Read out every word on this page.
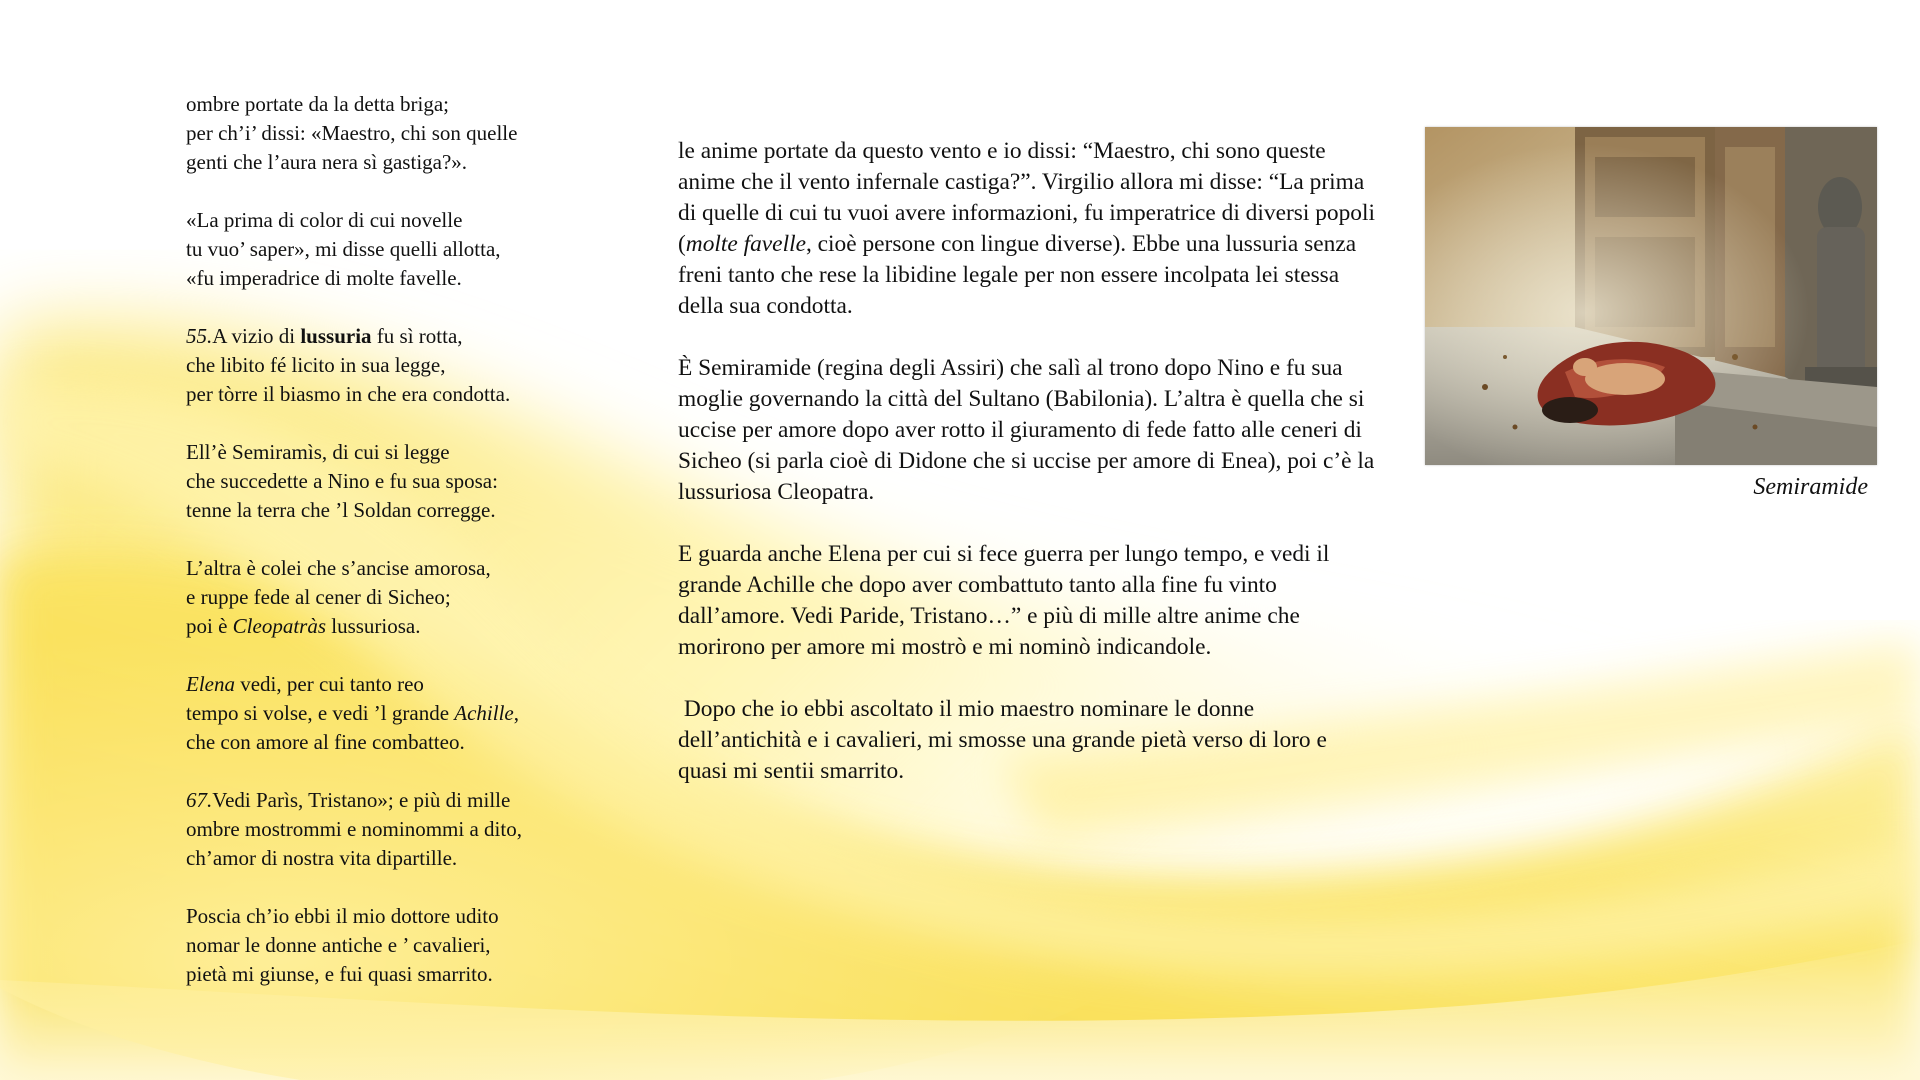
ombre portate da la detta briga;
per ch’i’ dissi: «Maestro, chi son quelle
genti che l’aura nera sì gastiga?».
«La prima di color di cui novelle
tu vuo’ saper», mi disse quelli allotta,
«fu imperadrice di molte favelle.
55.A vizio di lussuria fu sì rotta,
che libito fé licito in sua legge,
per tòrre il biasmo in che era condotta.
Ell’è Semiramìs, di cui si legge
che succedette a Nino e fu sua sposa:
tenne la terra che ’l Soldan corregge.
L’altra è colei che s’ancise amorosa,
e ruppe fede al cener di Sicheo;
poi è Cleopatràs lussuriosa.
Elena vedi, per cui tanto reo
tempo si volse, e vedi ’l grande Achille,
che con amore al fine combatteo.
67.Vedi Parìs, Tristano»; e più di mille
ombre mostrommi e nominommi a dito,
ch’amor di nostra vita dipartille.
Poscia ch’io ebbi il mio dottore udito
nomar le donne antiche e ’ cavalieri,
pietà mi giunse, e fui quasi smarrito.

le anime portate da questo vento e io dissi: “Maestro, chi sono queste anime che il vento infernale castiga?”. Virgilio allora mi disse: “La prima di quelle di cui tu vuoi avere informazioni, fu imperatrice di diversi popoli (molte favelle, cioè persone con lingue diverse). Ebbe una lussuria senza freni tanto che rese la libidine legale per non essere incolpata lei stessa della sua condotta.

È Semiramide (regina degli Assiri) che salì al trono dopo Nino e fu sua moglie governando la città del Sultano (Babilonia). L’altra è quella che si uccise per amore dopo aver rotto il giuramento di fede fatto alle ceneri di Sicheo (si parla cioè di Didone che si uccise per amore di Enea), poi c’è la lussuriosa Cleopatra.

E guarda anche Elena per cui si fece guerra per lungo tempo, e vedi il grande Achille che dopo aver combattuto tanto alla fine fu vinto dall’amore. Vedi Paride, Tristano…” e più di mille altre anime che morirono per amore mi mostrò e mi nominò indicandole.

Dopo che io ebbi ascoltato il mio maestro nominare le donne dell’antichità e i cavalieri, mi smosse una grande pietà verso di loro e quasi mi sentii smarrito.

Semiramide
